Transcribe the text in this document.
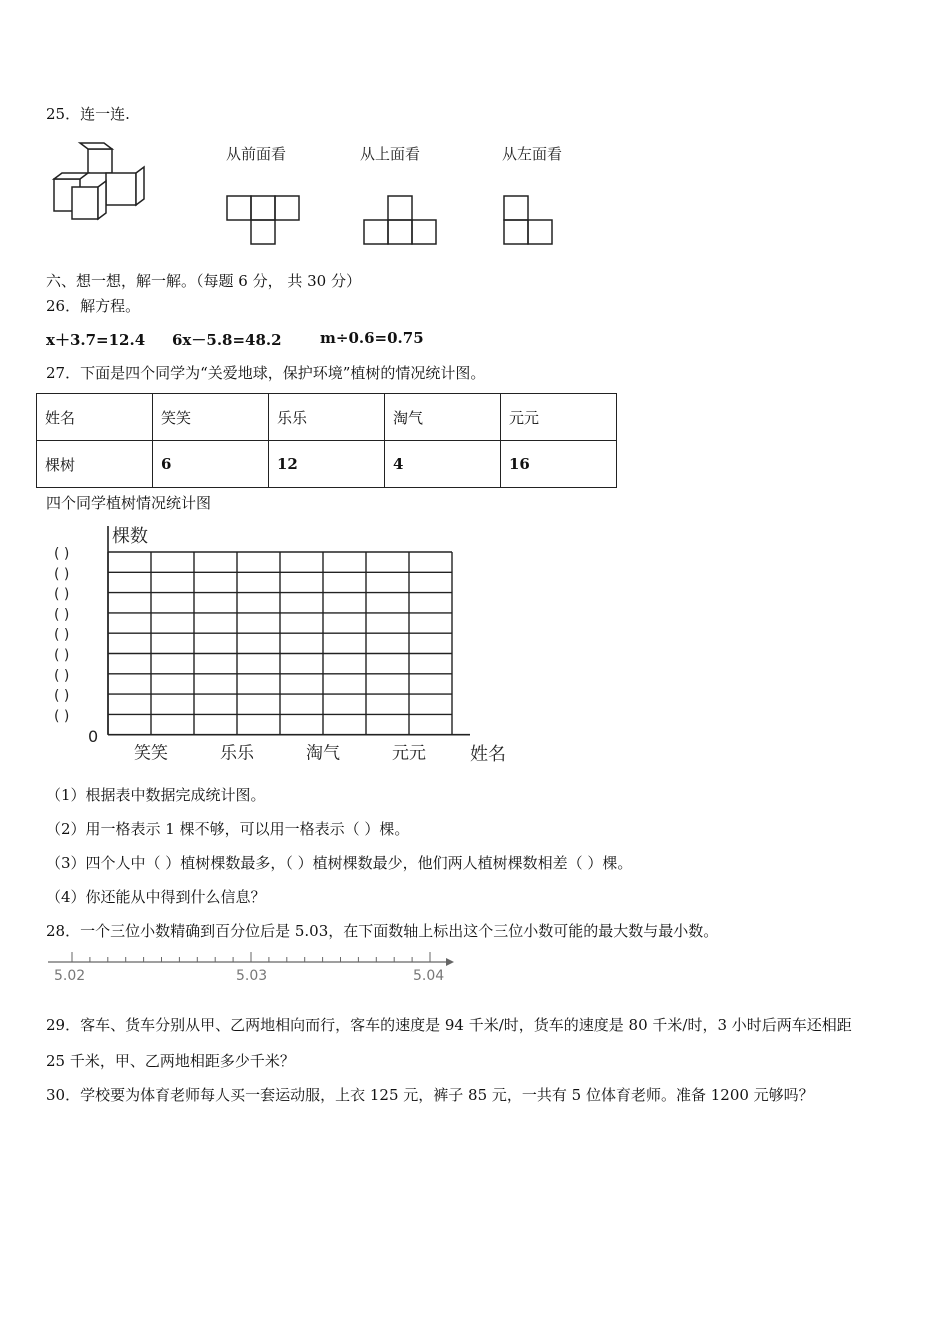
25．连一连.
从前面看	从上面看	从左面看
六、想一想，解一解。（每题 6 分， 共 30 分）
26．解方程。
x＋3.7=12.4 6x－5.8=48.2	m÷0.6=0.75
27．下面是四个同学为“关爱地球，保护环境”植树的情况统计图。
姓名	笑笑	乐乐	淘气	元元
棵树	6	12	4	16
四个同学植树情况统计图
( )
( )
( )
( )
( )
( )
( )
( )
( )
笑笑	乐乐	淘气	元元
棵数
0
姓名
（1）根据表中数据完成统计图。
（2）用一格表示 1 棵不够，可以用一格表示（ ）棵。
（3）四个人中（ ）植树棵数最多，（ ）植树棵数最少，他们两人植树棵数相差（ ）棵。
（4）你还能从中得到什么信息？
28．一个三位小数精确到百分位后是 5.03，在下面数轴上标出这个三位小数可能的最大数与最小数。
5.02	5.03	5.04
29．客车、货车分别从甲、乙两地相向而行，客车的速度是 94 千米/时，货车的速度是 80 千米/时，3 小时后两车还相距
25 千米，甲、乙两地相距多少千米？
30．学校要为体育老师每人买一套运动服，上衣 125 元，裤子 85 元，一共有 5 位体育老师。准备 1200 元够吗？
